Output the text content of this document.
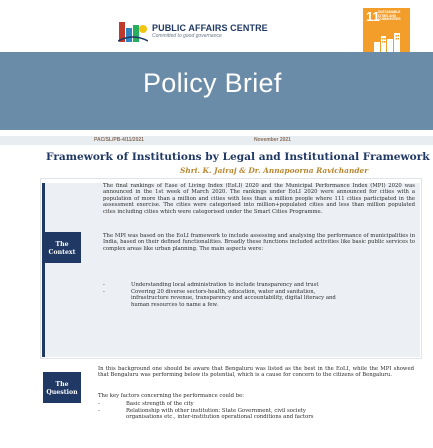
PUBLIC AFFAIRS CENTRE
Committed to good governance
11
SUSTAINABLE CITIES AND COMMUNITIES
Policy Brief
PAC/SL/PB-4/11/2021	November 2021
Framework of Institutions by Legal and Institutional Framework
Shri. K. Jairaj & Dr. Annapoorna Ravichander
The
Context

The final rankings of Ease of Living Index (EoLI) 2020 and the Municipal Performance Index (MPI) 2020 was announced in the 1st week of March 2020. The rankings under EoLI 2020 were announced for cities with a population of more than a million and cities with less than a million people where 111 cities participated in the assessment exercise. The cities were categorised into million+populated cities and less than million populated cites including cities which were categorised under the Smart Cities Programme.

The MPI was based on the EoLI framework to include assessing and analysing the performance of municipalities in India, based on their defined functionalities. Broadly these functions included activities like basic public services to complex areas like urban planning. The main aspects were:

-	Understanding local administration to include transparency and trust
-	Covering 20 diverse sectors-health, education, water and sanitation, infrastructure revenue, transparency and accountability, digital literacy and human resources to name a few.
The
Question

In this background one should be aware that Bengaluru was listed as the best in the EoLI, while the MPI showed that Bengaluru was performing below its potential, which is a cause for concern to the citizens of Bengaluru.

The key factors concerning the performance could be:

-	Basic strength of the city
-	Relationship with other institution: State Government, civil society organisations etc., inter-institution operational conditions and factors
